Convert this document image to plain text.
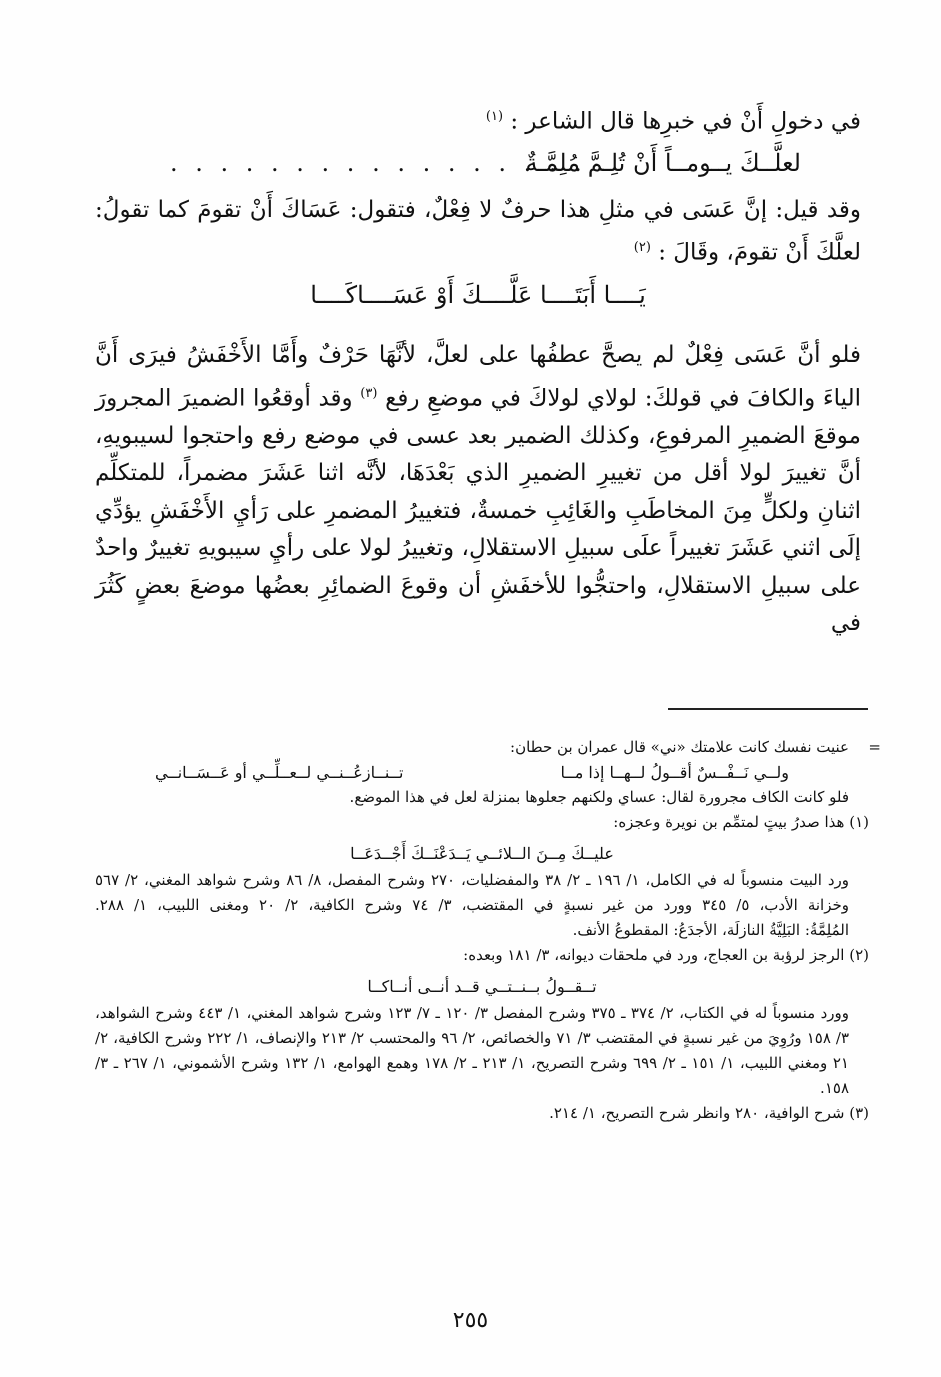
في دخولِ أَنْ في خبرِها قال الشاعر : $^{(١)}$

لعلَّــكَ يــومــاً أَنْ تُلِـمَّ مُلِمَّـةٌ
. . . . . . . . . . . . . . . . .

وقد قيل: إنَّ عَسَى في مثلِ هذا حرفٌ لا فِعْلٌ، فتقول: عَسَاكَ أَنْ تقومَ كما تقولُ: لعلَّكَ أَنْ تقومَ، وقَالَ : $^{(٢)}$

يَــــا أَبَتَــــا عَلَّــــكَ أَوْ عَسَــــاكَــــا

فلو أنَّ عَسَى فِعْلٌ لم يصحَّ عطفُها على لعلَّ، لأنَّهَا حَرْفٌ وأَمَّا الأَخْفَشُ فيرَى أَنَّ الياءَ والكافَ في قولكَ: لولاي لولاكَ في موضعِ رفع $^{(٣)}$ وقد أوقعُوا الضميرَ المجرورَ موقعَ الضميرِ المرفوعِ، وكذلك الضمير بعد عسى في موضع رفع واحتجوا لسيبويهِ، أنَّ تغييرَ لولا أقل من تغييرِ الضميرِ الذي بَعْدَهَا، لأنَّه اثنا عَشَرَ مضمراً، للمتكلِّم اثنانِ ولكلٍّ مِنَ المخاطَبِ والغَائِبِ خمسةٌ، فتغييرُ المضمرِ على رَأيِ الأَخْفَشِ يؤدِّي إلَى اثني عَشَرَ تغييراً علَى سبيلِ الاستقلالِ، وتغييرُ لولا على رأيِ سيبويهِ تغييرٌ واحدٌ على سبيلِ الاستقلالِ، واحتجُّوا للأخفَشِ أن وقوعَ الضمائِرِ بعضُها موضعَ بعضٍ كَثُرَ في

=

عنيت نفسك كانت علامتك «ني» قال عمران بن حطان:

ولــي نَــفْــسٌ أقــولُ لــهــا إذا مــا
تــنــازعُــنــي لــعــلِّــي أو عَــسَــانــي

فلو كانت الكاف مجرورة لقال: عساي ولكنهم جعلوها بمنزلة لعل في هذا الموضع.

(١) هذا صدرُ بيتٍ لمتمِّم بن نويرة وعجزه:

عليــكَ مِــنَ الــلائــي يَــدَعْنَــكَ أَجْــدَعَــا

ورد البيت منسوباً له في الكامل، ١/ ١٩٦ ـ ٢/ ٣٨ والمفضليات، ٢٧٠ وشرح المفصل، ٨/ ٨٦ وشرح شواهد المغني، ٢/ ٥٦٧ وخزانة الأدب، ٥/ ٣٤٥ وورد من غير نسبةٍ في المقتضب، ٣/ ٧٤ وشرح الكافية، ٢/ ٢٠ ومغنى اللبيب، ١/ ٢٨٨.

المُلِمَّةُ: البَلِيَّةُ النازلَة، الأجدَعُ: المقطوعُ الأنف.

(٢) الرجز لرؤبة بن العجاج، ورد في ملحقات ديوانه، ٣/ ١٨١ وبعده:

تــقــولُ بــنــتــي قــد أنــى أنــاكــا

وورد منسوباً له في الكتاب، ٢/ ٣٧٤ ـ ٣٧٥ وشرح المفصل ٣/ ١٢٠ ـ ٧/ ١٢٣ وشرح شواهد المغني، ١/ ٤٤٣ وشرح الشواهد، ٣/ ١٥٨ ورُوِيَ من غير نسبةٍ في المقتضب ٣/ ٧١ والخصائص، ٢/ ٩٦ والمحتسب ٢/ ٢١٣ والإنصاف، ١/ ٢٢٢ وشرح الكافية، ٢/ ٢١ ومغني اللبيب، ١/ ١٥١ ـ ٢/ ٦٩٩ وشرح التصريح، ١/ ٢١٣ ـ ٢/ ١٧٨ وهمع الهوامع، ١/ ١٣٢ وشرح الأشموني، ١/ ٢٦٧ ـ ٣/ ١٥٨.

(٣) شرح الوافية، ٢٨٠ وانظر شرح التصريح، ١/ ٢١٤.

٢٥٥
